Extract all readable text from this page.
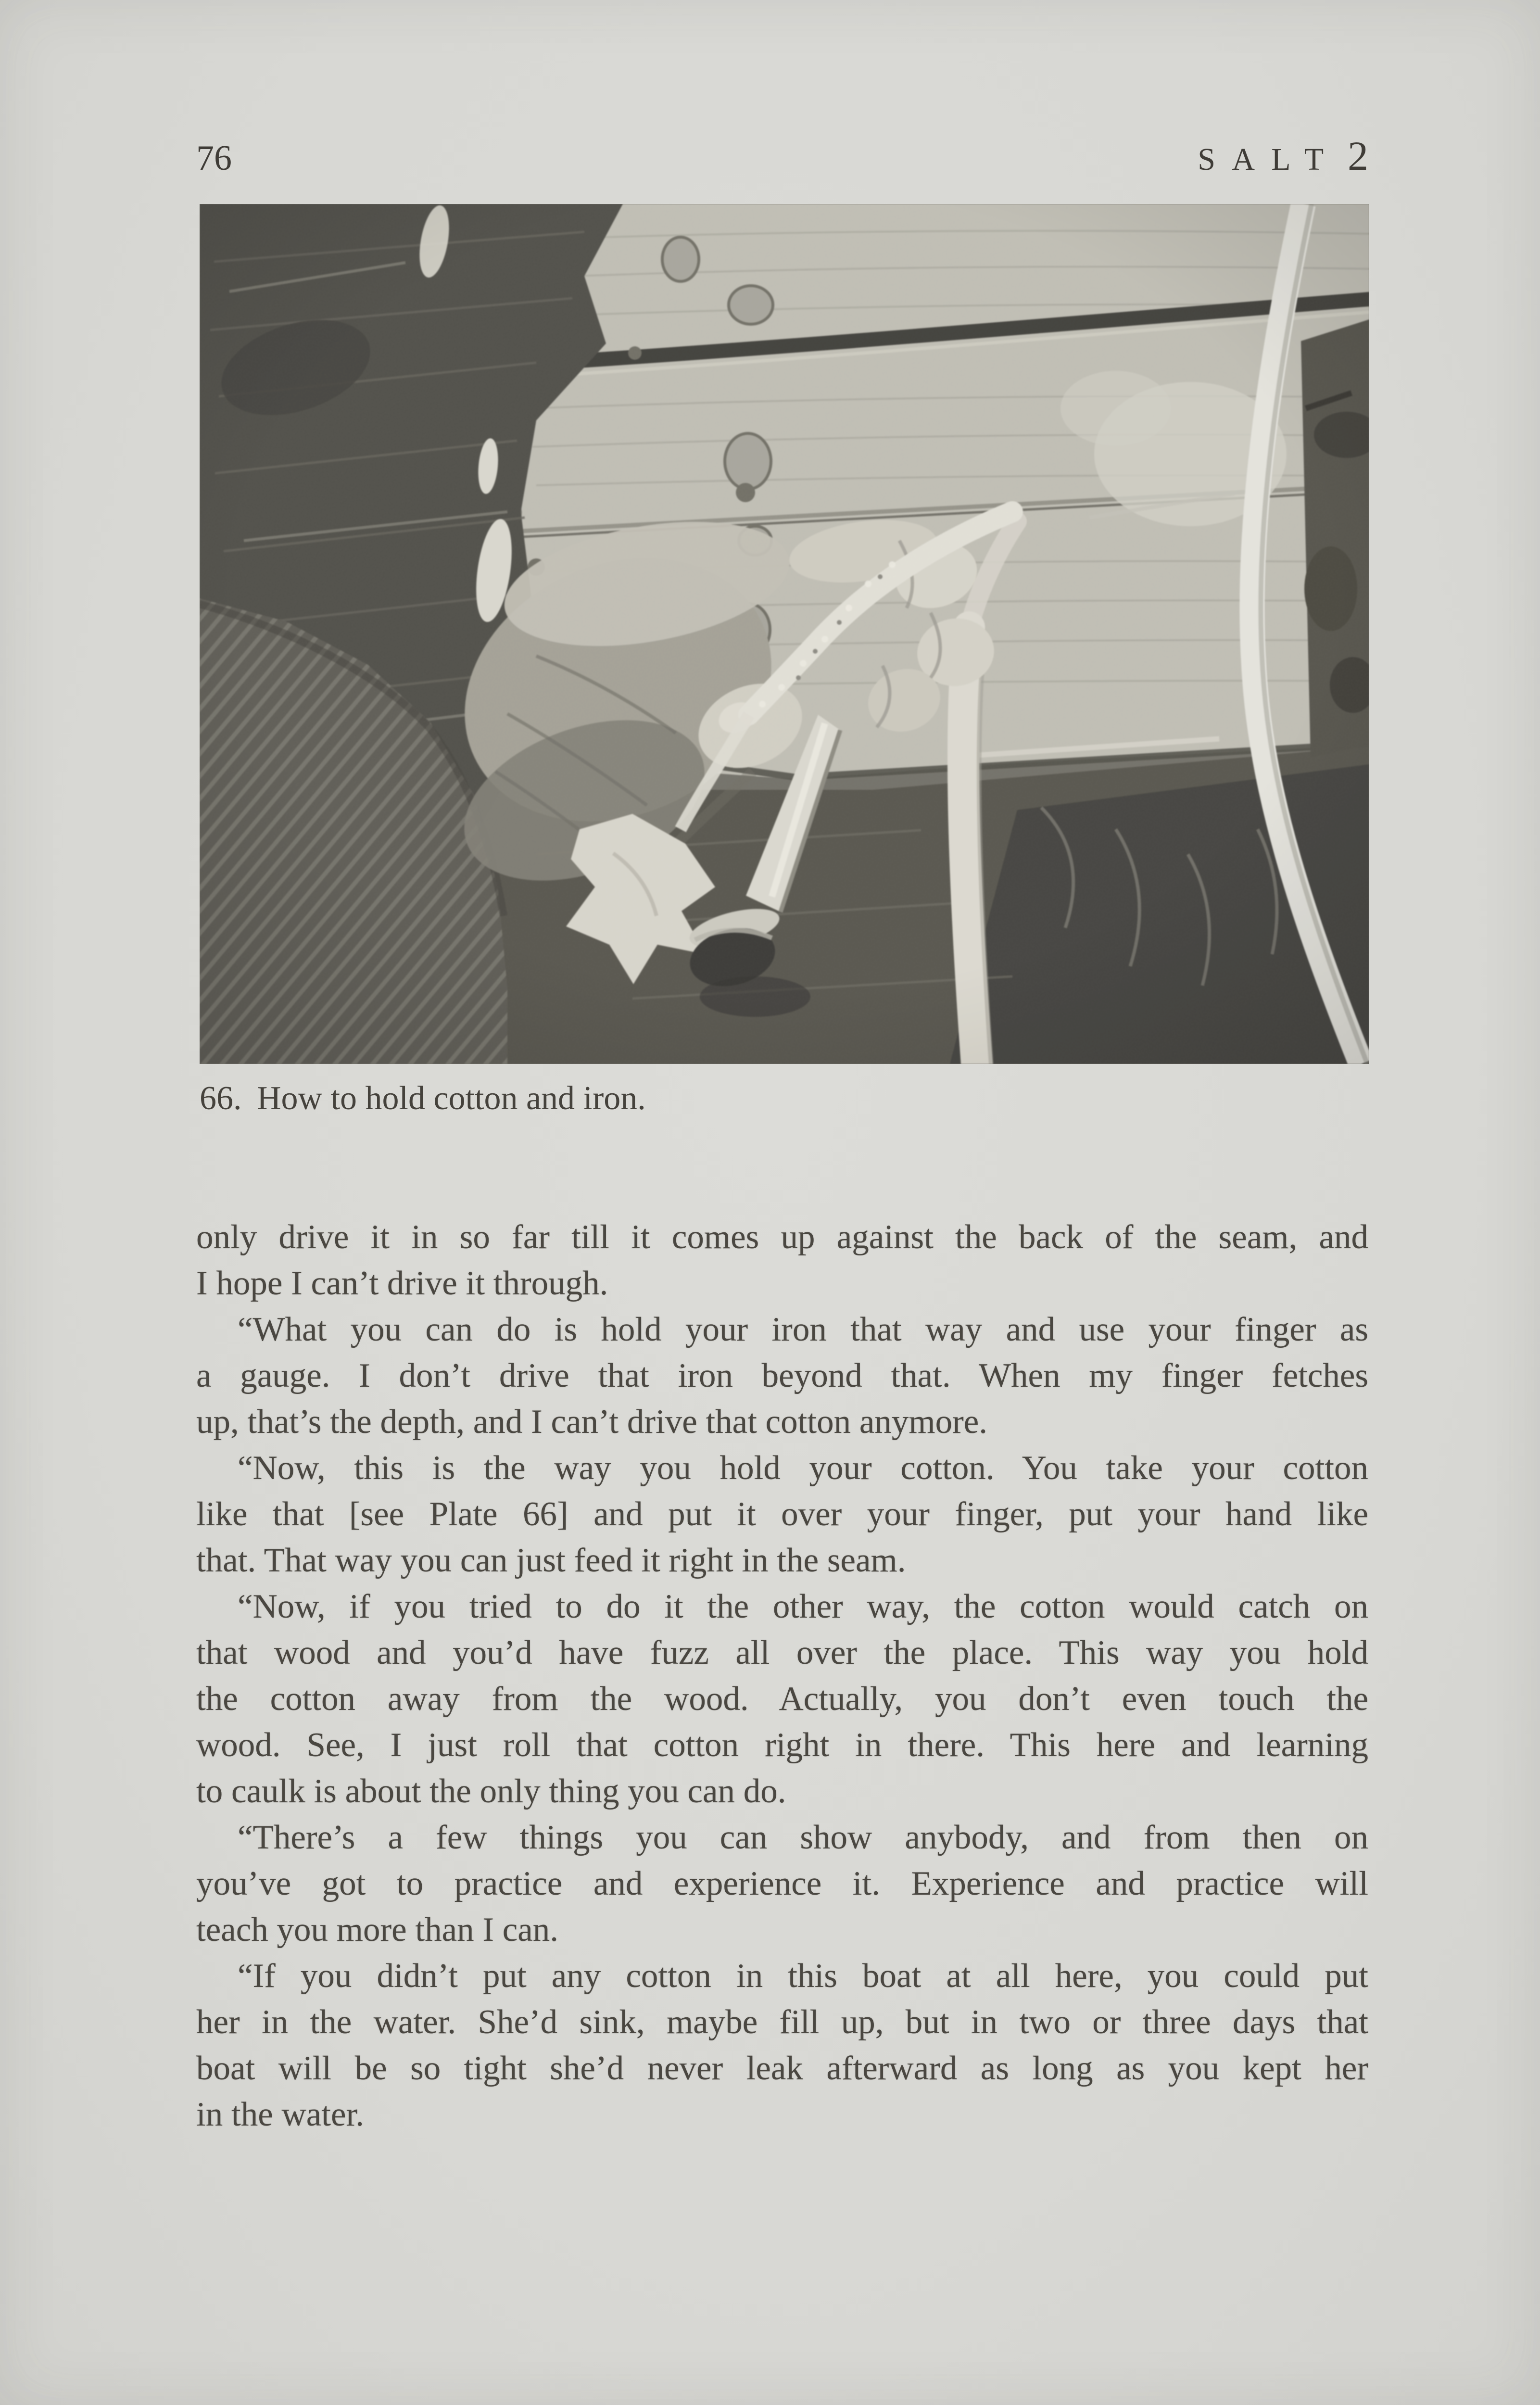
76	SALT 2
66. How to hold cotton and iron.
only drive it in so far till it comes up against the back of the seam, and
I hope I can’t drive it through.
“What you can do is hold your iron that way and use your finger as
a gauge. I don’t drive that iron beyond that. When my finger fetches
up, that’s the depth, and I can’t drive that cotton anymore.
“Now, this is the way you hold your cotton. You take your cotton
like that [see Plate 66] and put it over your finger, put your hand like
that. That way you can just feed it right in the seam.
“Now, if you tried to do it the other way, the cotton would catch on
that wood and you’d have fuzz all over the place. This way you hold
the cotton away from the wood. Actually, you don’t even touch the
wood. See, I just roll that cotton right in there. This here and learning
to caulk is about the only thing you can do.
“There’s a few things you can show anybody, and from then on
you’ve got to practice and experience it. Experience and practice will
teach you more than I can.
“If you didn’t put any cotton in this boat at all here, you could put
her in the water. She’d sink, maybe fill up, but in two or three days that
boat will be so tight she’d never leak afterward as long as you kept her
in the water.
